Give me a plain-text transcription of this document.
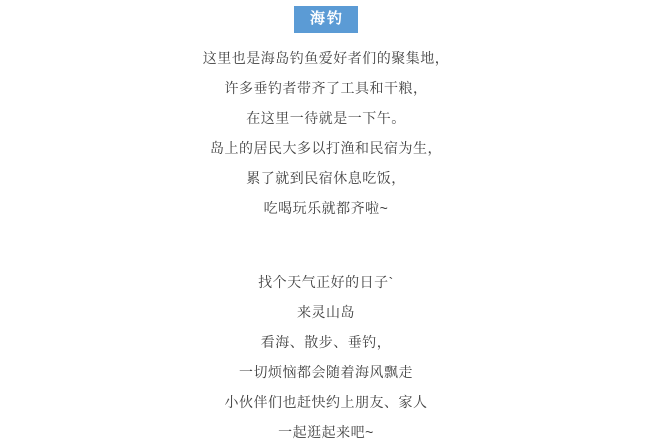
海钓
这里也是海岛钓鱼爱好者们的聚集地，
许多垂钓者带齐了工具和干粮，
在这里一待就是一下午。
岛上的居民大多以打渔和民宿为生，
累了就到民宿休息吃饭，
吃喝玩乐就都齐啦~
找个天气正好的日子`
来灵山岛
看海、散步、垂钓，
一切烦恼都会随着海风飘走
小伙伴们也赶快约上朋友、家人
一起逛起来吧~
